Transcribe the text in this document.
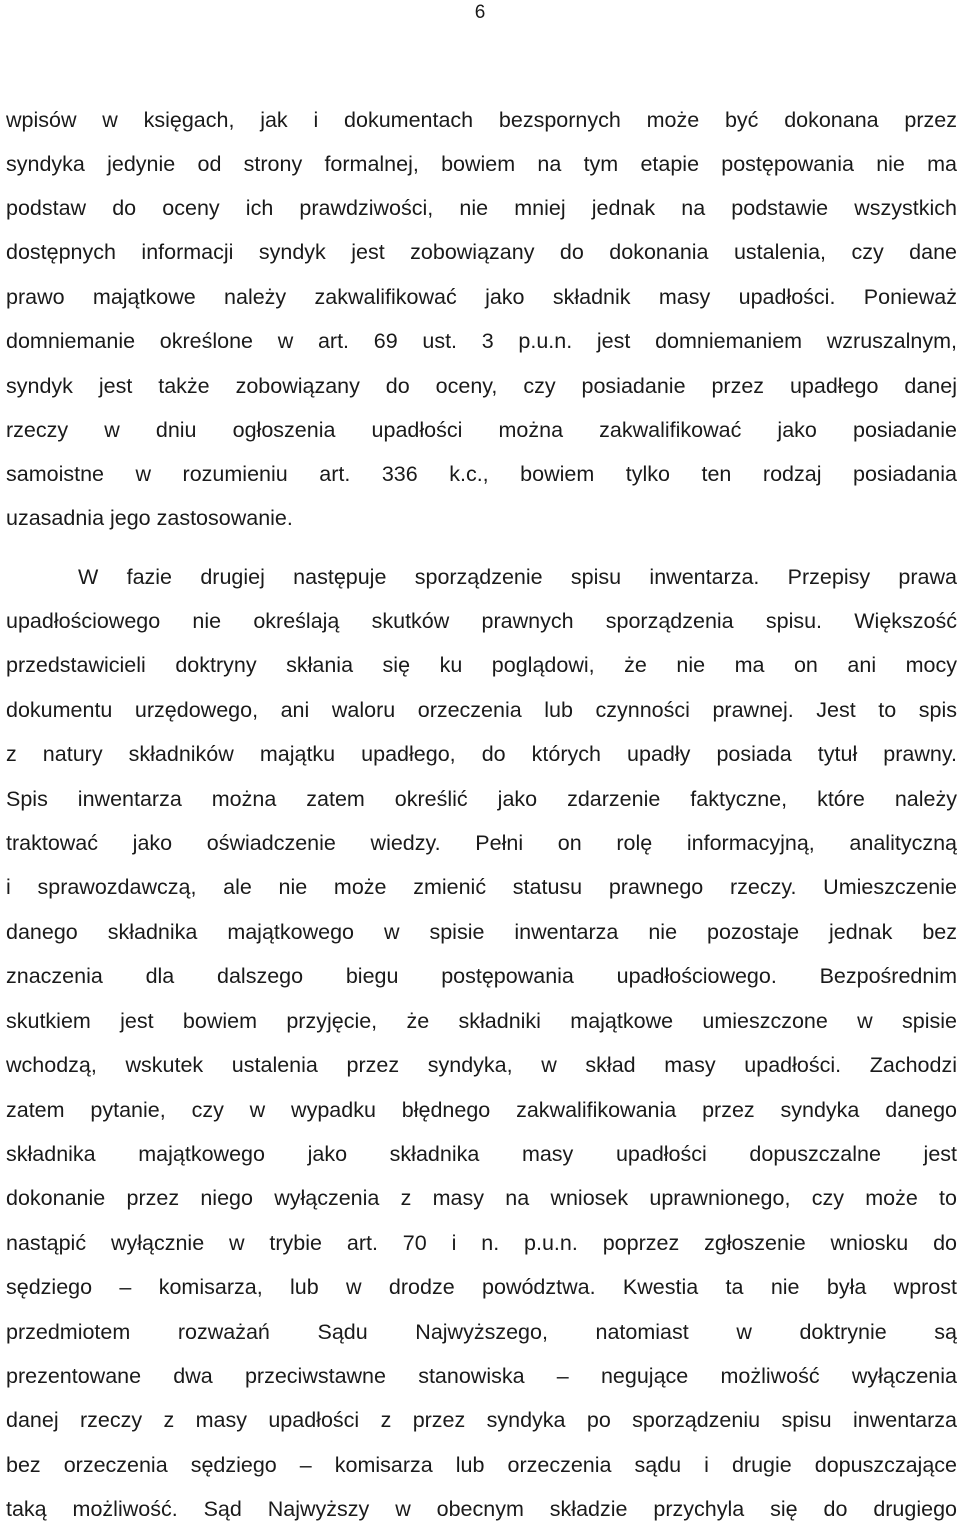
6
wpisów w księgach, jak i dokumentach bezspornych może być dokonana przez
syndyka jedynie od strony formalnej, bowiem na tym etapie postępowania nie ma
podstaw do oceny ich prawdziwości, nie mniej jednak na podstawie wszystkich
dostępnych informacji syndyk jest zobowiązany do dokonania ustalenia, czy dane
prawo majątkowe należy zakwalifikować jako składnik masy upadłości. Ponieważ
domniemanie określone w art. 69 ust. 3 p.u.n. jest domniemaniem wzruszalnym,
syndyk jest także zobowiązany do oceny, czy posiadanie przez upadłego danej
rzeczy w dniu ogłoszenia upadłości można zakwalifikować jako posiadanie
samoistne w rozumieniu art. 336 k.c., bowiem tylko ten rodzaj posiadania
uzasadnia jego zastosowanie.
W fazie drugiej następuje sporządzenie spisu inwentarza. Przepisy prawa
upadłościowego nie określają skutków prawnych sporządzenia spisu. Większość
przedstawicieli doktryny skłania się ku poglądowi, że nie ma on ani mocy
dokumentu urzędowego, ani waloru orzeczenia lub czynności prawnej. Jest to spis
z natury składników majątku upadłego, do których upadły posiada tytuł prawny.
Spis inwentarza można zatem określić jako zdarzenie faktyczne, które należy
traktować jako oświadczenie wiedzy. Pełni on rolę informacyjną, analityczną
i sprawozdawczą, ale nie może zmienić statusu prawnego rzeczy. Umieszczenie
danego składnika majątkowego w spisie inwentarza nie pozostaje jednak bez
znaczenia dla dalszego biegu postępowania upadłościowego. Bezpośrednim
skutkiem jest bowiem przyjęcie, że składniki majątkowe umieszczone w spisie
wchodzą, wskutek ustalenia przez syndyka, w skład masy upadłości. Zachodzi
zatem pytanie, czy w wypadku błędnego zakwalifikowania przez syndyka danego
składnika majątkowego jako składnika masy upadłości dopuszczalne jest
dokonanie przez niego wyłączenia z masy na wniosek uprawnionego, czy może to
nastąpić wyłącznie w trybie art. 70 i n. p.u.n. poprzez zgłoszenie wniosku do
sędziego – komisarza, lub w drodze powództwa. Kwestia ta nie była wprost
przedmiotem rozważań Sądu Najwyższego, natomiast w doktrynie są
prezentowane dwa przeciwstawne stanowiska – negujące możliwość wyłączenia
danej rzeczy z masy upadłości z przez syndyka po sporządzeniu spisu inwentarza
bez orzeczenia sędziego – komisarza lub orzeczenia sądu i drugie dopuszczające
taką możliwość. Sąd Najwyższy w obecnym składzie przychyla się do drugiego
